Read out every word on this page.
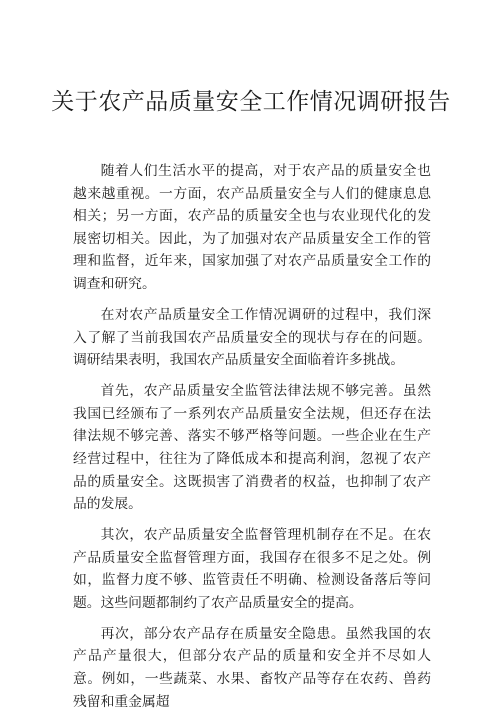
关于农产品质量安全工作情况调研报告

随着人们生活水平的提高，对于农产品的质量安全也越来越重视。一方面，农产品质量安全与人们的健康息息相关；另一方面，农产品的质量安全也与农业现代化的发展密切相关。因此，为了加强对农产品质量安全工作的管理和监督，近年来，国家加强了对农产品质量安全工作的调查和研究。

在对农产品质量安全工作情况调研的过程中，我们深入了解了当前我国农产品质量安全的现状与存在的问题。调研结果表明，我国农产品质量安全面临着许多挑战。

首先，农产品质量安全监管法律法规不够完善。虽然我国已经颁布了一系列农产品质量安全法规，但还存在法律法规不够完善、落实不够严格等问题。一些企业在生产经营过程中，往往为了降低成本和提高利润，忽视了农产品的质量安全。这既损害了消费者的权益，也抑制了农产品的发展。

其次，农产品质量安全监督管理机制存在不足。在农产品质量安全监督管理方面，我国存在很多不足之处。例如，监督力度不够、监管责任不明确、检测设备落后等问题。这些问题都制约了农产品质量安全的提高。

再次，部分农产品存在质量安全隐患。虽然我国的农产品产量很大，但部分农产品的质量和安全并不尽如人意。例如，一些蔬菜、水果、畜牧产品等存在农药、兽药残留和重金属超
